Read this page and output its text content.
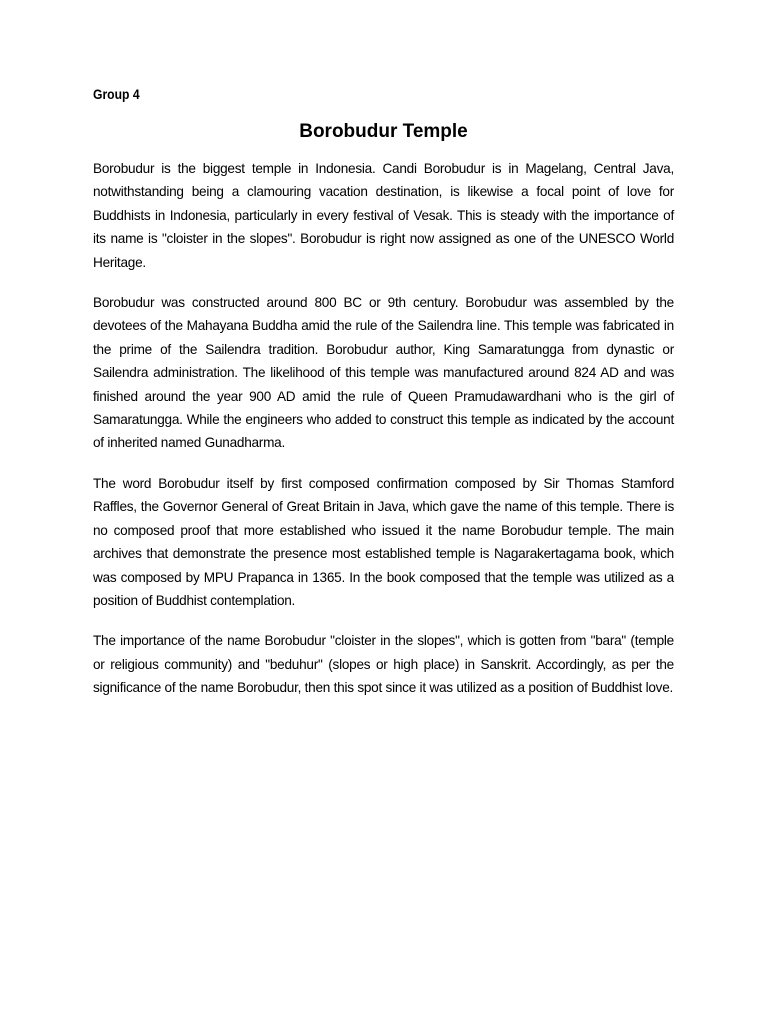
Group 4

Borobudur Temple

Borobudur is the biggest temple in Indonesia. Candi Borobudur is in Magelang, Central Java, notwithstanding being a clamouring vacation destination, is likewise a focal point of love for Buddhists in Indonesia, particularly in every festival of Vesak. This is steady with the importance of its name is "cloister in the slopes". Borobudur is right now assigned as one of the UNESCO World Heritage.

Borobudur was constructed around 800 BC or 9th century. Borobudur was assembled by the devotees of the Mahayana Buddha amid the rule of the Sailendra line. This temple was fabricated in the prime of the Sailendra tradition. Borobudur author, King Samaratungga from dynastic or Sailendra administration. The likelihood of this temple was manufactured around 824 AD and was finished around the year 900 AD amid the rule of Queen Pramudawardhani who is the girl of Samaratungga. While the engineers who added to construct this temple as indicated by the account of inherited named Gunadharma.

The word Borobudur itself by first composed confirmation composed by Sir Thomas Stamford Raffles, the Governor General of Great Britain in Java, which gave the name of this temple. There is no composed proof that more established who issued it the name Borobudur temple. The main archives that demonstrate the presence most established temple is Nagarakertagama book, which was composed by MPU Prapanca in 1365. In the book composed that the temple was utilized as a position of Buddhist contemplation.

The importance of the name Borobudur "cloister in the slopes", which is gotten from "bara" (temple or religious community) and "beduhur" (slopes or high place) in Sanskrit. Accordingly, as per the significance of the name Borobudur, then this spot since it was utilized as a position of Buddhist love.
